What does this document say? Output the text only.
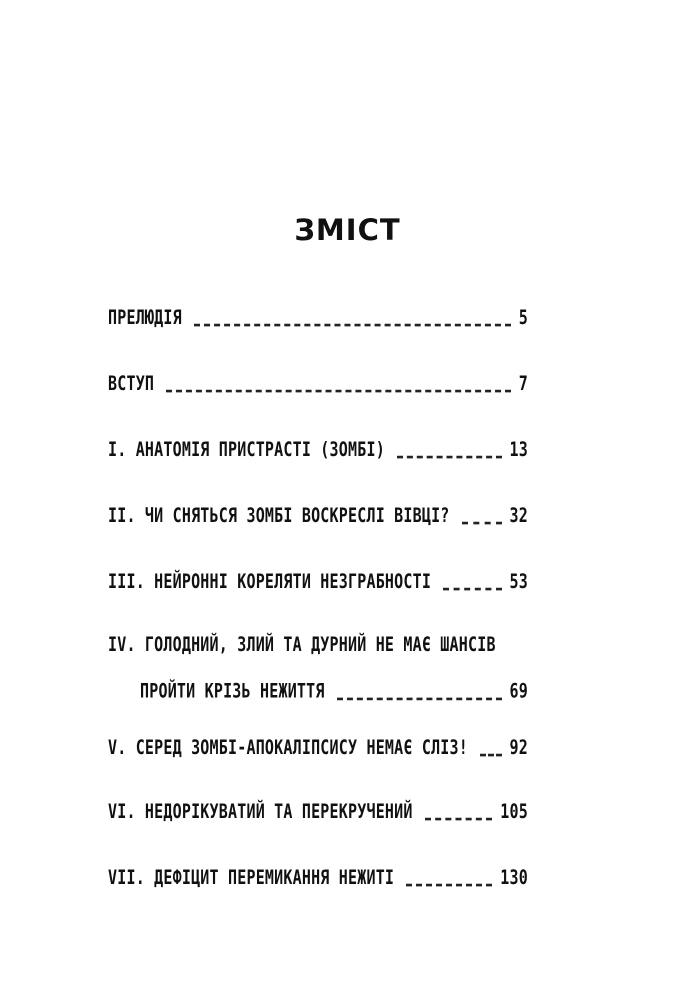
ЗМІСТ
ПРЕЛЮДІЯ	5
ВСТУП	7
I. АНАТОМІЯ ПРИСТРАСТІ (ЗОМБІ)	13
II. ЧИ СНЯТЬСЯ ЗОМБІ ВОСКРЕСЛІ ВІВЦІ?	32
III. НЕЙРОННІ КОРЕЛЯТИ НЕЗГРАБНОСТІ	53
IV. ГОЛОДНИЙ, ЗЛИЙ ТА ДУРНИЙ НЕ МАЄ ШАНСІВ
ПРОЙТИ КРІЗЬ НЕЖИТТЯ	69
V. СЕРЕД ЗОМБІ-АПОКАЛІПСИСУ НЕМАЄ СЛІЗ!	92
VI. НЕДОРІКУВАТИЙ ТА ПЕРЕКРУЧЕНИЙ	105
VII. ДЕФІЦИТ ПЕРЕМИКАННЯ НЕЖИТІ	130
